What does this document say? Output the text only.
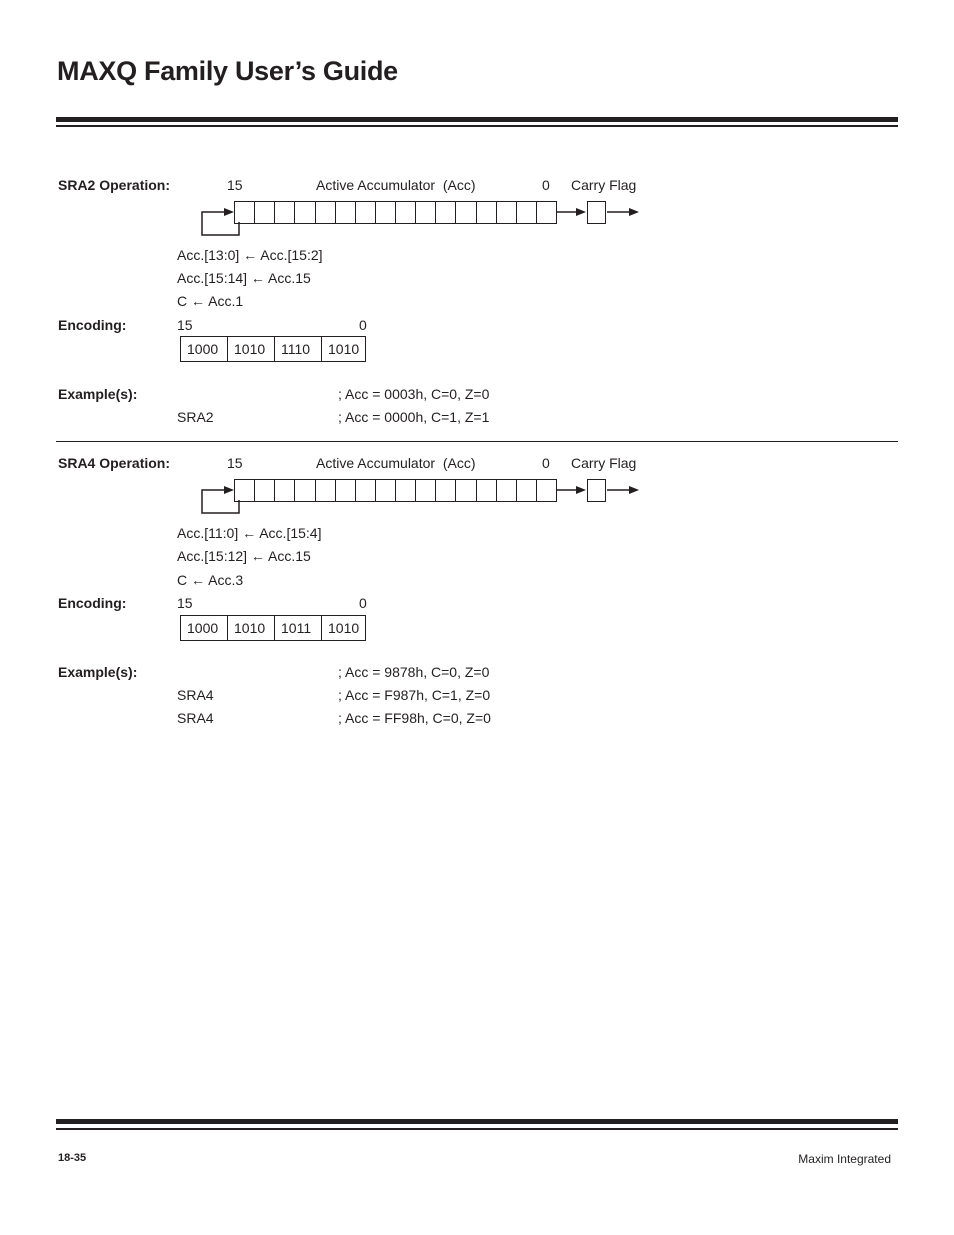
MAXQ Family User’s Guide
SRA2 Operation:	15	Active Accumulator  (Acc)	0 Carry Flag
Acc.[13:0] ← Acc.[15:2]
Acc.[15:14] ← Acc.15
C ← Acc.1
Encoding:	15	0
1000	1010	1110	1010
Example(s):	; Acc = 0003h, C=0, Z=0
SRA2	; Acc = 0000h, C=1, Z=1
SRA4 Operation:	15	Active Accumulator  (Acc)	0 Carry Flag
Acc.[11:0] ← Acc.[15:4]
Acc.[15:12] ← Acc.15
C ← Acc.3
Encoding:	15	0
1000	1010	1011	1010
Example(s):	; Acc = 9878h, C=0, Z=0
SRA4	; Acc = F987h, C=1, Z=0
SRA4	; Acc = FF98h, C=0, Z=0
18-35	Maxim Integrated
